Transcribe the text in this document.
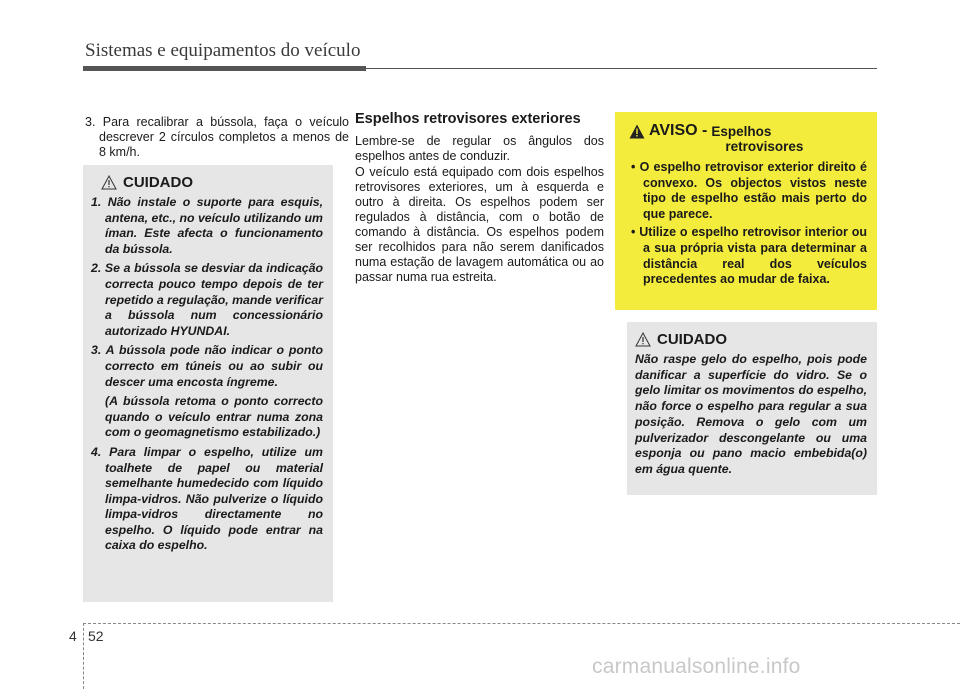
Sistemas e equipamentos do veículo
3. Para recalibrar a bússola, faça o veículo descrever 2 círculos completos a menos de 8 km/h.
CUIDADO

1. Não instale o suporte para esquis, antena, etc., no veículo utilizando um íman. Este afecta o funcionamento da bússola.

2. Se a bússola se desviar da indicação correcta pouco tempo depois de ter repetido a regulação, mande verificar a bússola num concessionário autorizado HYUNDAI.

3. A bússola pode não indicar o ponto correcto em túneis ou ao subir ou descer uma encosta íngreme.

(A bússola retoma o ponto correcto quando o veículo entrar numa zona com o geomagnetismo estabilizado.)

4. Para limpar o espelho, utilize um toalhete de papel ou material semelhante humedecido com líquido limpa-vidros. Não pulverize o líquido limpa-vidros directamente no espelho. O líquido pode entrar na caixa do espelho.

Espelhos retrovisores exteriores

Lembre-se de regular os ângulos dos espelhos antes de conduzir.

O veículo está equipado com dois espelhos retrovisores exteriores, um à esquerda e outro à direita. Os espelhos podem ser regulados à distância, com o botão de comando à distância. Os espelhos podem ser recolhidos para não serem danificados numa estação de lavagem automática ou ao passar numa rua estreita.

AVISO - Espelhos
retrovisores

• O espelho retrovisor exterior direito é convexo. Os objectos vistos neste tipo de espelho estão mais perto do que parece.

• Utilize o espelho retrovisor interior ou a sua própria vista para determinar a distância real dos veículos precedentes ao mudar de faixa.

CUIDADO

Não raspe gelo do espelho, pois pode danificar a superfície do vidro. Se o gelo limitar os movimentos do espelho, não force o espelho para regular a sua posição. Remova o gelo com um pulverizador descongelante ou uma esponja ou pano macio embebida(o) em água quente.

4 52
carmanualsonline.info
